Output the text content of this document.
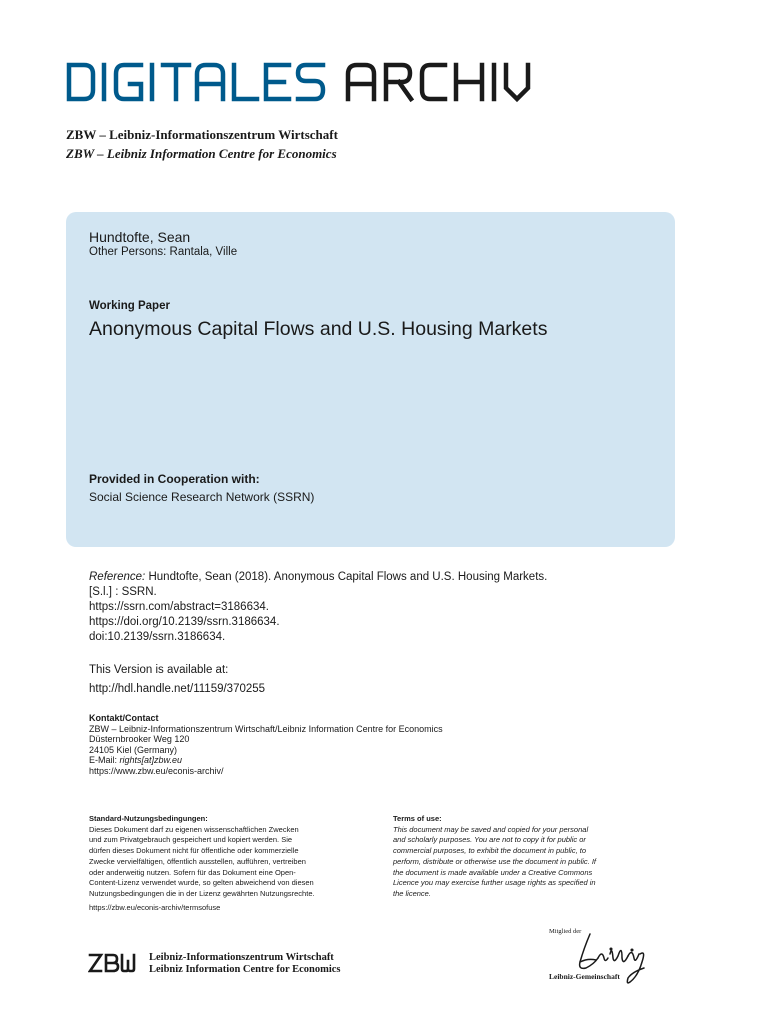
ZBW – Leibniz-Informationszentrum Wirtschaft
ZBW – Leibniz Information Centre for Economics
Hundtofte, Sean
Other Persons: Rantala, Ville
Working Paper
Anonymous Capital Flows and U.S. Housing Markets
Provided in Cooperation with:
Social Science Research Network (SSRN)
Reference: Hundtofte, Sean (2018). Anonymous Capital Flows and U.S. Housing Markets.
[S.l.] : SSRN.
https://ssrn.com/abstract=3186634.
https://doi.org/10.2139/ssrn.3186634.
doi:10.2139/ssrn.3186634.
This Version is available at:
http://hdl.handle.net/11159/370255
Kontakt/Contact
ZBW – Leibniz-Informationszentrum Wirtschaft/Leibniz Information Centre for Economics
Düsternbrooker Weg 120
24105 Kiel (Germany)
E-Mail: rights[at]zbw.eu
https://www.zbw.eu/econis-archiv/
Standard-Nutzungsbedingungen:
Dieses Dokument darf zu eigenen wissenschaftlichen Zwecken
und zum Privatgebrauch gespeichert und kopiert werden. Sie
dürfen dieses Dokument nicht für öffentliche oder kommerzielle
Zwecke vervielfältigen, öffentlich ausstellen, aufführen, vertreiben
oder anderweitig nutzen. Sofern für das Dokument eine Open-
Content-Lizenz verwendet wurde, so gelten abweichend von diesen
Nutzungsbedingungen die in der Lizenz gewährten Nutzungsrechte.
https://zbw.eu/econis-archiv/termsofuse
Terms of use:
This document may be saved and copied for your personal
and scholarly purposes. You are not to copy it for public or
commercial purposes, to exhibit the document in public, to
perform, distribute or otherwise use the document in public. If
the document is made available under a Creative Commons
Licence you may exercise further usage rights as specified in
the licence.
Leibniz-Informationszentrum Wirtschaft
Leibniz Information Centre for Economics
Mitglied der
Leibniz-Gemeinschaft
